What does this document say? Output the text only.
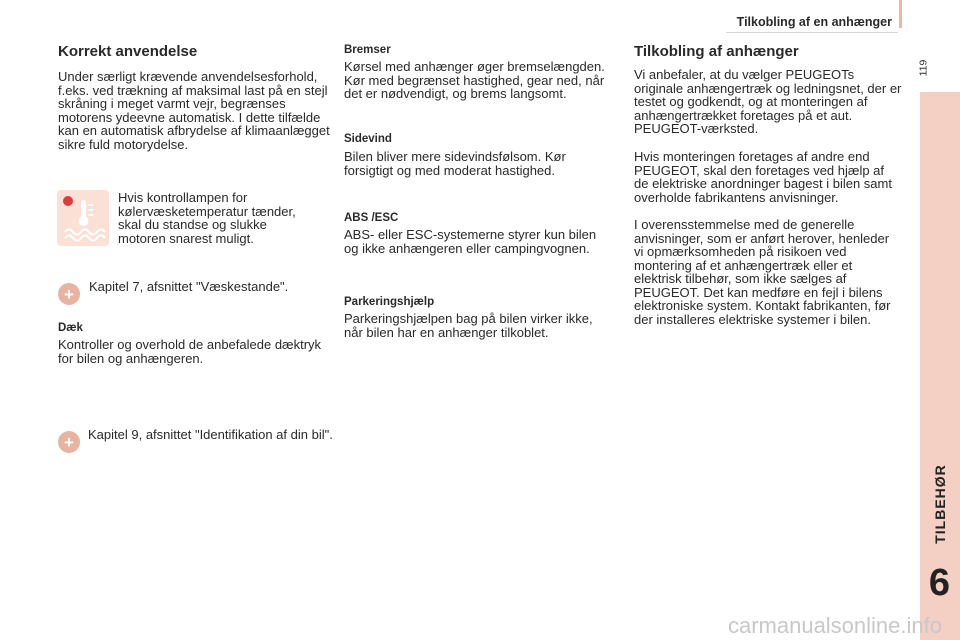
Tilkobling af en anhænger
119
TILBEHØR
6
Korrekt anvendelse

Under særligt krævende anvendelsesforhold, f.eks. ved trækning af maksimal last på en stejl skråning i meget varmt vejr, begrænses motorens ydeevne automatisk. I dette tilfælde kan en automatisk afbrydelse af klimaanlægget sikre fuld motorydelse.

Hvis kontrollampen for kølervæsketemperatur tænder, skal du standse og slukke motoren snarest muligt.

+ Kapitel 7, afsnittet "Væskestande".

Dæk

Kontroller og overhold de anbefalede dæktryk for bilen og anhængeren.

+ Kapitel 9, afsnittet "Identifikation af din bil".

Bremser

Kørsel med anhænger øger bremselængden. Kør med begrænset hastighed, gear ned, når det er nødvendigt, og brems langsomt.

Sidevind

Bilen bliver mere sidevindsfølsom. Kør forsigtigt og med moderat hastighed.

ABS /ESC

ABS- eller ESC-systemerne styrer kun bilen og ikke anhængeren eller campingvognen.

Parkeringshjælp

Parkeringshjælpen bag på bilen virker ikke, når bilen har en anhænger tilkoblet.

Tilkobling af anhænger

Vi anbefaler, at du vælger PEUGEOTs originale anhængertræk og ledningsnet, der er testet og godkendt, og at monteringen af anhængertrækket foretages på et aut. PEUGEOT-værksted.

Hvis monteringen foretages af andre end PEUGEOT, skal den foretages ved hjælp af de elektriske anordninger bagest i bilen samt overholde fabrikantens anvisninger.

I overensstemmelse med de generelle anvisninger, som er anført herover, henleder vi opmærksomheden på risikoen ved montering af et anhængertræk eller et elektrisk tilbehør, som ikke sælges af PEUGEOT. Det kan medføre en fejl i bilens elektroniske system. Kontakt fabrikanten, før der installeres elektriske systemer i bilen.

carmanualsonline.info
